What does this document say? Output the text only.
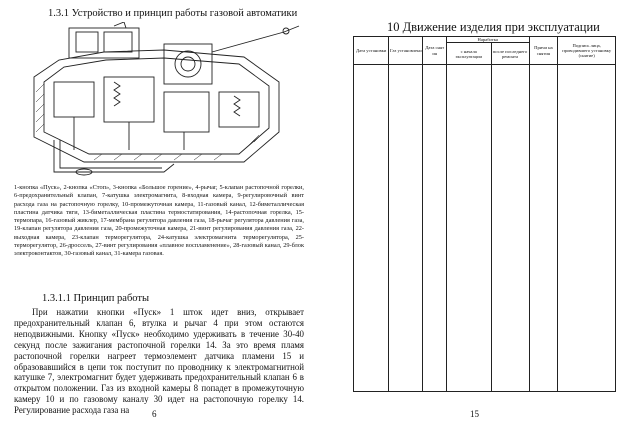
1.3.1 Устройство и принцип работы газовой автоматики
1-кнопка «Пуск», 2-кнопка «Стоп», 3-кнопка «Большое горение», 4-рычаг, 5-клапан растопочной горелки, 6-предохранительный клапан, 7-катушка электромагнита, 8-входная камера, 9-регулировочный винт расхода газа на растопочную горелку, 10-промежуточная камера, 11-газовый канал, 12-биметаллическая пластина датчика тяги, 13-биметаллическая пластина термостатирования, 14-растопочная горелка, 15-термопара, 16-газовый жиклер, 17-мембрана регулятора давления газа, 18-рычаг регулятора давления газа, 19-клапан регулятора давления газа, 20-промежуточная камера, 21-винт регулирования давления газа, 22-выходная камера, 23-клапан терморегулятора, 24-катушка электромагнита терморегулятора, 25-терморегулятор, 26-дроссель, 27-винт регулирования «плавное воспламенение», 28-газовый канал, 29-блок электроконтактов, 30-газовый канал, 31-камера газовая.
1.3.1.1 Принцип работы
При нажатии кнопки «Пуск» 1 шток идет вниз, открывает предохранительный клапан 6, втулка и рычаг 4 при этом остаются неподвижными. Кнопку «Пуск» необходимо удерживать в течение 30-40 секунд после зажигания растопочной горелки 14. За это время пламя растопочной горелки нагреет термоэлемент датчика пламени 15 и образовавшийся в цепи ток поступит по проводнику к электромагнитной катушке 7, электромагнит будет удерживать предохранительный клапан 6 в открытом положении. Газ из входной камеры 8 попадет в промежуточную камеру 10 и по газовому каналу 30 идет на растопочную горелку 14. Регулирование расхода газа на	6
10 Движение изделия при эксплуатации
Дата установки	Газ установлено	Дата снят ия	Наработка		Причи на снятия	Подпись лица, проводившего установку (снятие)
			с начала эксплуатации	после последнего ремонта		

15
